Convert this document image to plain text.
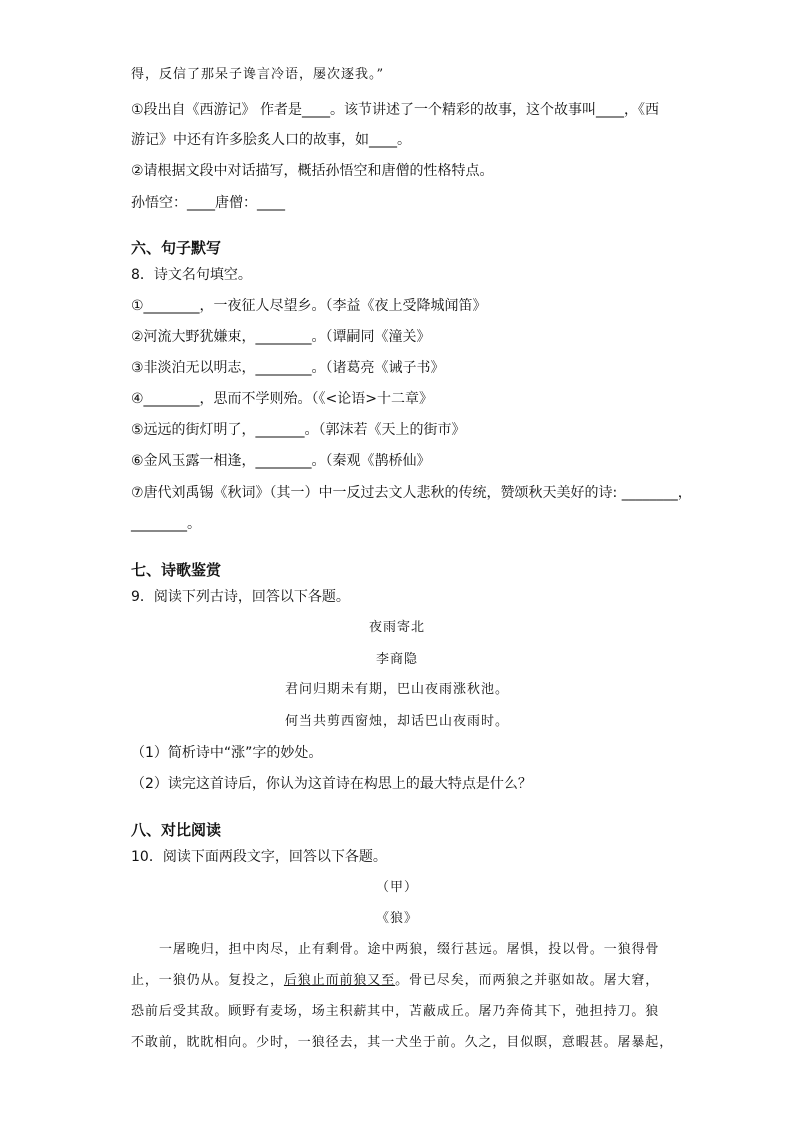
得，反信了那呆子谗言冷语，屡次逐我。”
①段出自《西游记》 作者是____。该节讲述了一个精彩的故事，这个故事叫____，《西
游记》中还有许多脍炙人口的故事，如____。
②请根据文段中对话描写，概括孙悟空和唐僧的性格特点。
孙悟空：____唐僧：____
六、句子默写
8．诗文名句填空。
①________，一夜征人尽望乡。（李益《夜上受降城闻笛》
②河流大野犹嫌束，________。（谭嗣同《潼关》
③非淡泊无以明志，________。（诸葛亮《诫子书》
④________，思而不学则殆。（《<论语>十二章》
⑤远远的街灯明了，_______。（郭沫若《天上的街市》
⑥金风玉露一相逢，________。（秦观《鹊桥仙》
⑦唐代刘禹锡《秋词》（其一）中一反过去文人悲秋的传统，赞颂秋天美好的诗: ________，
________。
七、诗歌鉴赏
9．阅读下列古诗，回答以下各题。
夜雨寄北
李商隐
君问归期未有期，巴山夜雨涨秋池。
何当共剪西窗烛，却话巴山夜雨时。
（1）简析诗中“涨”字的妙处。
（2）读完这首诗后，你认为这首诗在构思上的最大特点是什么？
八、对比阅读
10．阅读下面两段文字，回答以下各题。
（甲）
《狼》
一屠晚归，担中肉尽，止有剩骨。途中两狼，缀行甚远。屠惧，投以骨。一狼得骨
止，一狼仍从。复投之，后狼止而前狼又至。骨已尽矣，而两狼之并驱如故。屠大窘，
恐前后受其敌。顾野有麦场，场主积薪其中，苫蔽成丘。屠乃奔倚其下，弛担持刀。狼
不敢前，眈眈相向。少时，一狼径去，其一犬坐于前。久之，目似瞑，意暇甚。屠暴起，
